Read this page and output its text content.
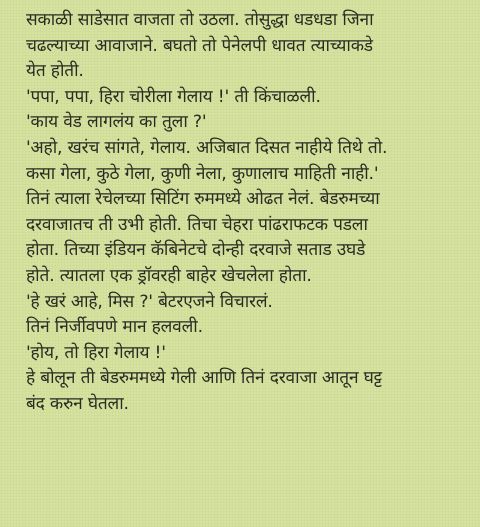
सकाळी साडेसात वाजता तो उठला. तोसुद्धा धडधडा जिना
चढल्याच्या आवाजाने. बघतो तो पेनेलपी धावत त्याच्याकडे
येत होती.
'पपा, पपा, हिरा चोरीला गेलाय !' ती किंचाळली.
'काय वेड लागलंय का तुला ?'
'अहो, खरंच सांगते, गेलाय. अजिबात दिसत नाहीये तिथे तो.
कसा गेला, कुठे गेला, कुणी नेला, कुणालाच माहिती नाही.'
तिनं त्याला रेचेलच्या सिटिंग रुममध्ये ओढत नेलं. बेडरुमच्या
दरवाजातच ती उभी होती. तिचा चेहरा पांढराफटक पडला
होता. तिच्या इंडियन कॅबिनेटचे दोन्ही दरवाजे सताड उघडे
होते. त्यातला एक ड्रॉवरही बाहेर खेचलेला होता.
'हे खरं आहे, मिस ?' बेटरएजने विचारलं.
तिनं निर्जीवपणे मान हलवली.
'होय, तो हिरा गेलाय !'
हे बोलून ती बेडरुममध्ये गेली आणि तिनं दरवाजा आतून घट्ट
बंद करुन घेतला.
